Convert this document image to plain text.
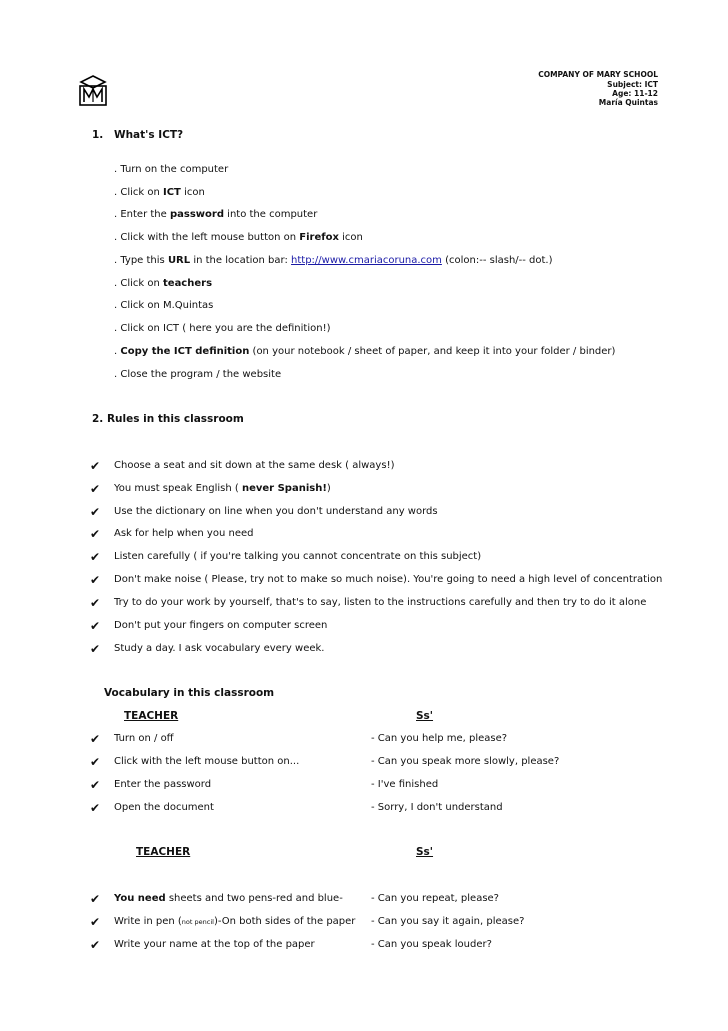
COMPANY OF MARY SCHOOL
Subject: ICT
Age: 11-12
María Quintas
1. What's ICT?
. Turn on the computer
. Click on ICT icon
. Enter the password into the computer
. Click with the left mouse button on Firefox icon
. Type this URL in the location bar: http://www.cmariacoruna.com (colon:-- slash/-- dot.)
. Click on teachers
. Click on M.Quintas
. Click on ICT ( here you are the definition!)
. Copy the ICT definition (on your notebook / sheet of paper, and keep it into your folder / binder)
. Close the program / the website
2. Rules in this classroom
✔ Choose a seat and sit down at the same desk ( always!)
✔ You must speak English ( never Spanish!)
✔ Use the dictionary on line when you don't understand any words
✔ Ask for help when you need
✔ Listen carefully ( if you're talking you cannot concentrate on this subject)
✔ Don't make noise ( Please, try not to make so much noise). You're going to need a high level of concentration
✔ Try to do your work by yourself, that's to say, listen to the instructions carefully and then try to do it alone
✔ Don't put your fingers on computer screen
✔ Study a day. I ask vocabulary every week.
Vocabulary in this classroom
TEACHER	Ss'
✔ Turn on / off	- Can you help me, please?
✔ Click with the left mouse button on...	- Can you speak more slowly, please?
✔ Enter the password	- I've finished
✔ Open the document	- Sorry, I don't understand
TEACHER	Ss'
✔ You need sheets and two pens-red and blue-	- Can you repeat, please?
✔ Write in pen (not pencil)-On both sides of the paper - Can you say it again, please?
✔ Write your name at the top of the paper	- Can you speak louder?
